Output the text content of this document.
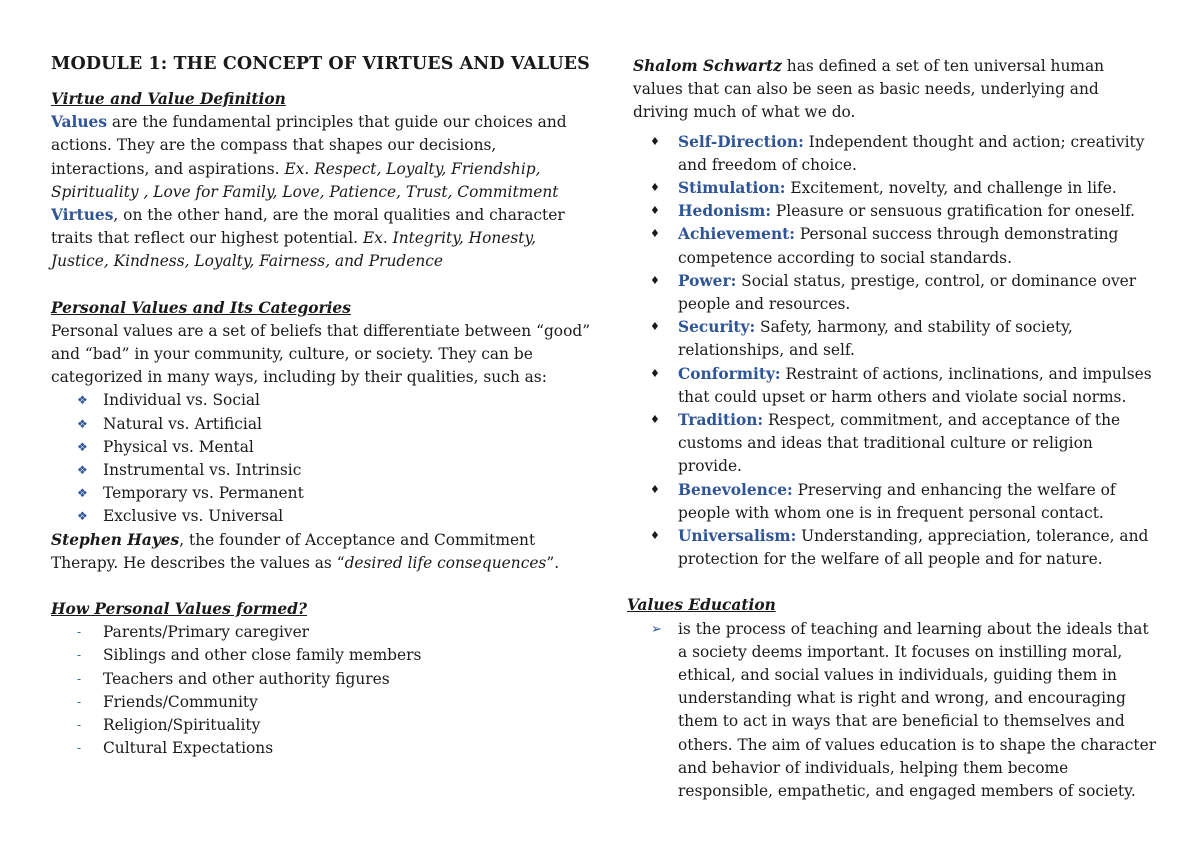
MODULE 1: THE CONCEPT OF VIRTUES AND VALUES

Virtue and Value Definition

Values are the fundamental principles that guide our choices and actions. They are the compass that shapes our decisions, interactions, and aspirations. Ex. Respect, Loyalty, Friendship, Spirituality , Love for Family, Love, Patience, Trust, Commitment

Virtues, on the other hand, are the moral qualities and character traits that reflect our highest potential. Ex. Integrity, Honesty, Justice, Kindness, Loyalty, Fairness, and Prudence

Personal Values and Its Categories

Personal values are a set of beliefs that differentiate between “good” and “bad” in your community, culture, or society. They can be categorized in many ways, including by their qualities, such as:

❖ Individual vs. Social
❖ Natural vs. Artificial
❖ Physical vs. Mental
❖ Instrumental vs. Intrinsic
❖ Temporary vs. Permanent
❖ Exclusive vs. Universal

Stephen Hayes, the founder of Acceptance and Commitment Therapy. He describes the values as “desired life consequences”.

How Personal Values formed?

- Parents/Primary caregiver
- Siblings and other close family members
- Teachers and other authority figures
- Friends/Community
- Religion/Spirituality
- Cultural Expectations

Shalom Schwartz has defined a set of ten universal human values that can also be seen as basic needs, underlying and driving much of what we do.

♦ Self-Direction: Independent thought and action; creativity and freedom of choice.
♦ Stimulation: Excitement, novelty, and challenge in life.
♦ Hedonism: Pleasure or sensuous gratification for oneself.
♦ Achievement: Personal success through demonstrating competence according to social standards.
♦ Power: Social status, prestige, control, or dominance over people and resources.
♦ Security: Safety, harmony, and stability of society, relationships, and self.
♦ Conformity: Restraint of actions, inclinations, and impulses that could upset or harm others and violate social norms.
♦ Tradition: Respect, commitment, and acceptance of the customs and ideas that traditional culture or religion provide.
♦ Benevolence: Preserving and enhancing the welfare of people with whom one is in frequent personal contact.
♦ Universalism: Understanding, appreciation, tolerance, and protection for the welfare of all people and for nature.

Values Education

➢ is the process of teaching and learning about the ideals that a society deems important. It focuses on instilling moral, ethical, and social values in individuals, guiding them in understanding what is right and wrong, and encouraging them to act in ways that are beneficial to themselves and others. The aim of values education is to shape the character and behavior of individuals, helping them become responsible, empathetic, and engaged members of society.
